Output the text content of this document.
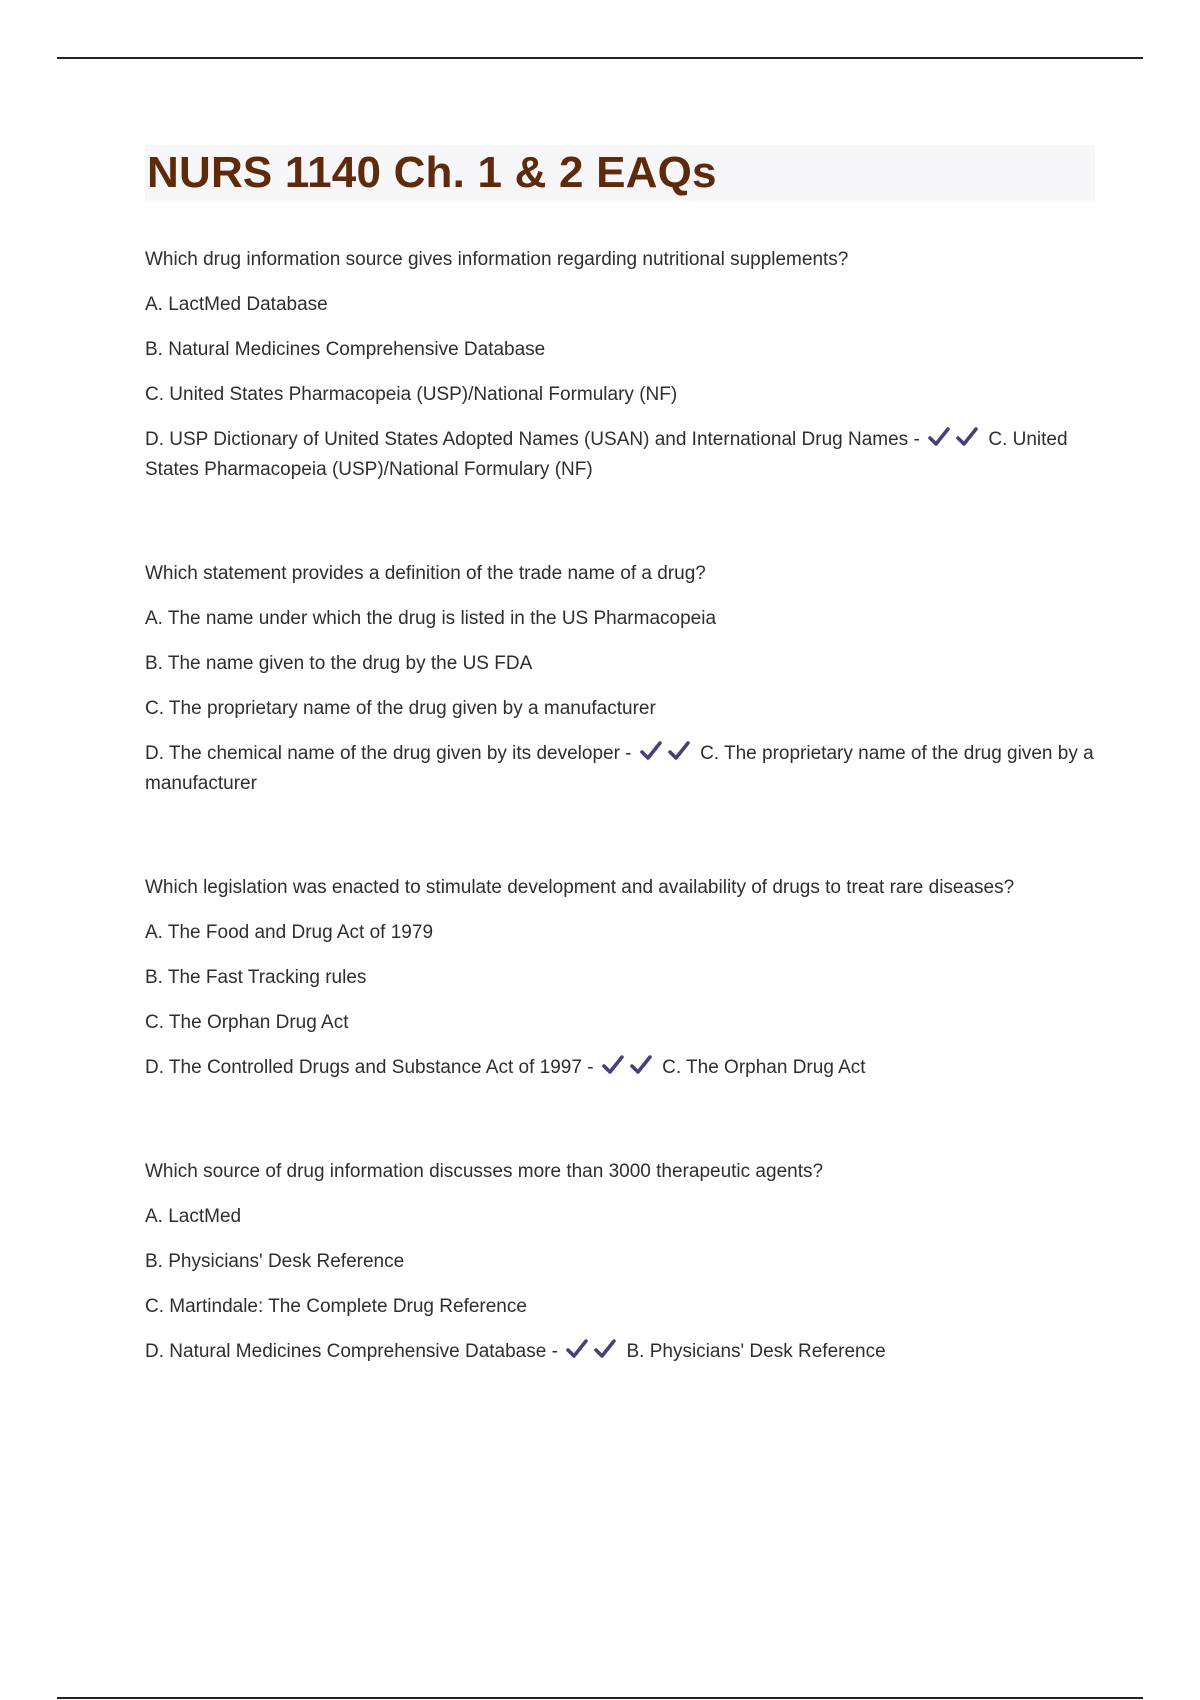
NURS 1140 Ch. 1 & 2 EAQs

Which drug information source gives information regarding nutritional supplements?

A. LactMed Database

B. Natural Medicines Comprehensive Database

C. United States Pharmacopeia (USP)/National Formulary (NF)

D. USP Dictionary of United States Adopted Names (USAN) and International Drug Names -	C. United States Pharmacopeia (USP)/National Formulary (NF)

Which statement provides a definition of the trade name of a drug?

A. The name under which the drug is listed in the US Pharmacopeia

B. The name given to the drug by the US FDA

C. The proprietary name of the drug given by a manufacturer

D. The chemical name of the drug given by its developer -	C. The proprietary name of the drug given by a manufacturer

Which legislation was enacted to stimulate development and availability of drugs to treat rare diseases?

A. The Food and Drug Act of 1979

B. The Fast Tracking rules

C. The Orphan Drug Act

D. The Controlled Drugs and Substance Act of 1997 -	C. The Orphan Drug Act

Which source of drug information discusses more than 3000 therapeutic agents?

A. LactMed

B. Physicians' Desk Reference

C. Martindale: The Complete Drug Reference

D. Natural Medicines Comprehensive Database -	B. Physicians' Desk Reference
